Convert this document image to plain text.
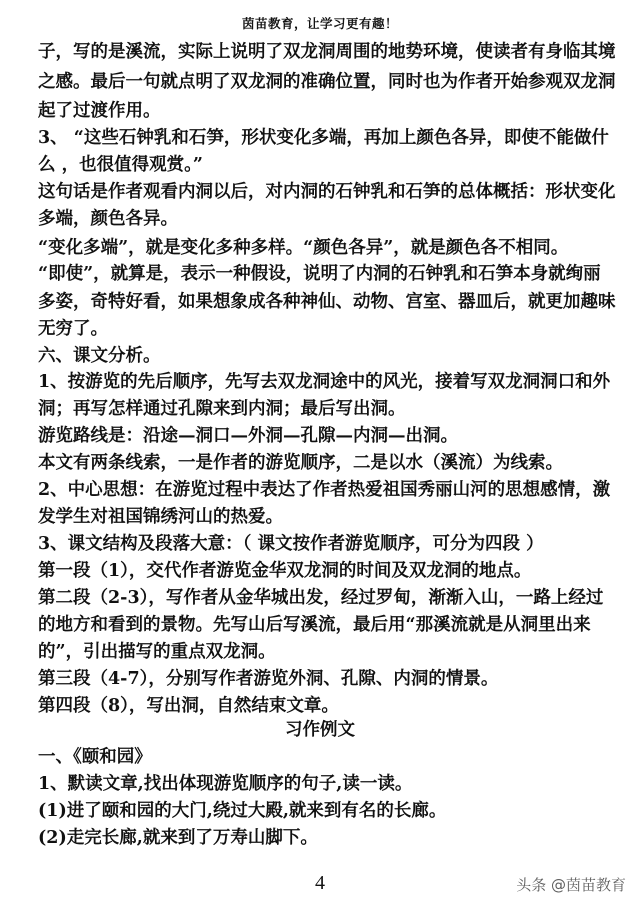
茵苗教育，让学习更有趣！
子，写的是溪流，实际上说明了双龙洞周围的地势环境，使读者有身临其境
之感。最后一句就点明了双龙洞的准确位置，同时也为作者开始参观双龙洞
起了过渡作用。
3、 “这些石钟乳和石笋，形状变化多端，再加上颜色各异，即使不能做什
么 ，也很值得观赏。”
这句话是作者观看内洞以后，对内洞的石钟乳和石笋的总体概括：形状变化
多端，颜色各异。
“变化多端”，就是变化多种多样。“颜色各异”，就是颜色各不相同。
“即使”，就算是，表示一种假设，说明了内洞的石钟乳和石笋本身就绚丽
多姿，奇特好看，如果想象成各种神仙、动物、宫室、器皿后，就更加趣味
无穷了。
六、课文分析。
1、按游览的先后顺序，先写去双龙洞途中的风光，接着写双龙洞洞口和外
洞；再写怎样通过孔隙来到内洞；最后写出洞。
游览路线是：沿途—洞口—外洞—孔隙—内洞—出洞。
本文有两条线索，一是作者的游览顺序，二是以水（溪流）为线索。
2、中心思想：在游览过程中表达了作者热爱祖国秀丽山河的思想感情，激
发学生对祖国锦绣河山的热爱。
3、课文结构及段落大意：（ 课文按作者游览顺序，可分为四段 ）
第一段（1），交代作者游览金华双龙洞的时间及双龙洞的地点。
第二段（2-3），写作者从金华城出发，经过罗甸，渐渐入山，一路上经过
的地方和看到的景物。先写山后写溪流，最后用“那溪流就是从洞里出来
的”，引出描写的重点双龙洞。
第三段（4-7），分别写作者游览外洞、孔隙、内洞的情景。
第四段（8），写出洞，自然结束文章。
习作例文
一、《颐和园》
1、默读文章,找出体现游览顺序的句子,读一读。
(1)进了颐和园的大门,绕过大殿,就来到有名的长廊。
(2)走完长廊,就来到了万寿山脚下。
4	头条 @茵苗教育
